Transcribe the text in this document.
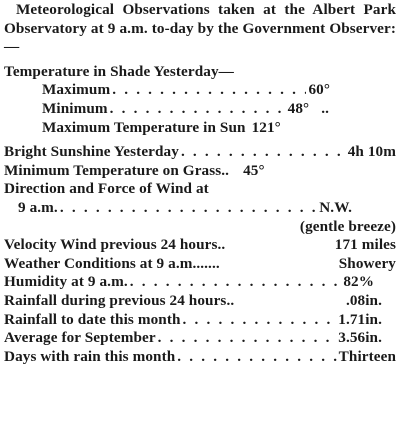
Meteorological Observations taken at the Albert Park Observatory at 9 a.m. to-day by the Government Observer:—

Temperature in Shade Yesterday—
Maximum . . .	60°
Minimum . . .	48° ..
Maximum Temperature in Sun 121°
Bright Sunshine Yesterday . . .	4h 10m
Minimum Temperature on Grass.. 45°
Direction and Force of Wind at
9 a.m. . . .	N.W.
(gentle breeze)
Velocity Wind previous 24 hours..	171 miles
Weather Conditions at 9 a.m.......	Showery
Humidity at 9 a.m. . . .	82%
Rainfall during previous 24 hours..	.08in.
Rainfall to date this month . . .	1.71in.
Average for September . . .	3.56in.
Days with rain this month . . .	Thirteen
